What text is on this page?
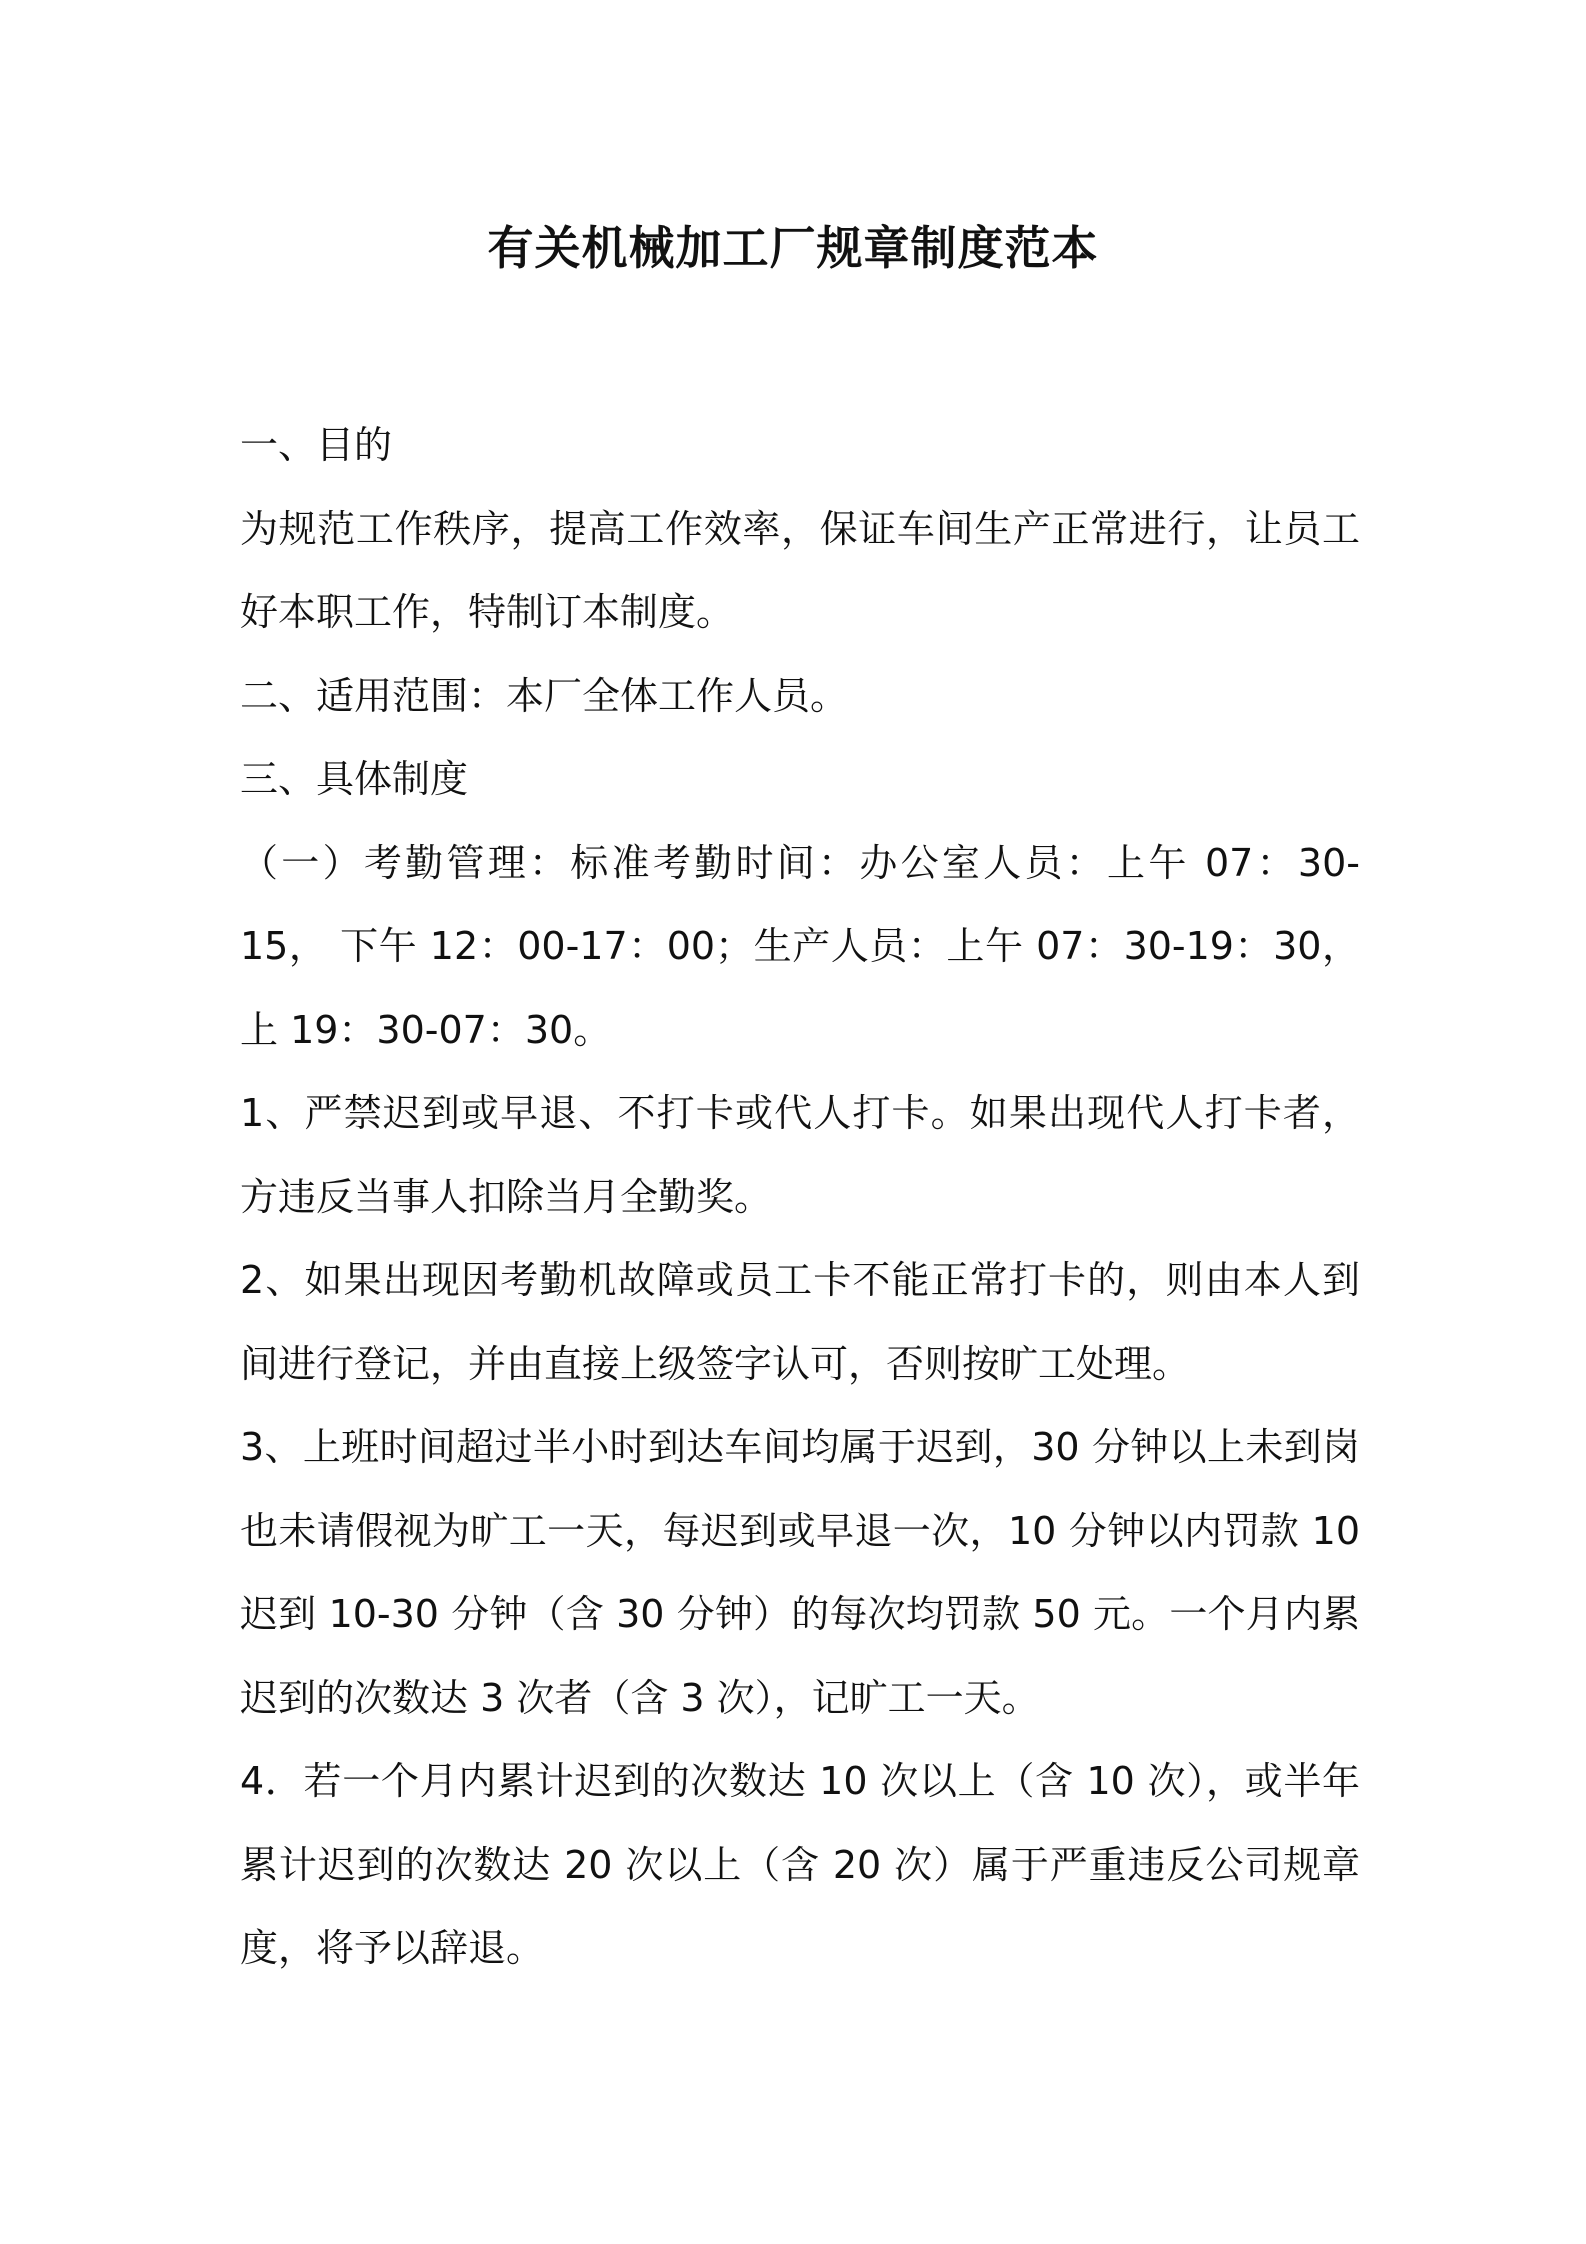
有关机械加工厂规章制度范本
一、目的
为规范工作秩序，提高工作效率，保证车间生产正常进行，让员工
好本职工作，特制订本制度。
二、适用范围：本厂全体工作人员。
三、具体制度
（一）考勤管理：标准考勤时间：办公室人员：上午 07：30-
15， 下午 12：00-17：00；生产人员：上午 07：30-19：30，
上 19：30-07：30。
1、严禁迟到或早退、不打卡或代人打卡。如果出现代人打卡者，
方违反当事人扣除当月全勤奖。
2、如果出现因考勤机故障或员工卡不能正常打卡的，则由本人到
间进行登记，并由直接上级签字认可，否则按旷工处理。
3、上班时间超过半小时到达车间均属于迟到，30 分钟以上未到岗
也未请假视为旷工一天，每迟到或早退一次，10 分钟以内罚款 10
迟到 10-30 分钟（含 30 分钟）的每次均罚款 50 元。一个月内累
迟到的次数达 3 次者（含 3 次），记旷工一天。
4．若一个月内累计迟到的次数达 10 次以上（含 10 次），或半年
累计迟到的次数达 20 次以上（含 20 次）属于严重违反公司规章
度，将予以辞退。
